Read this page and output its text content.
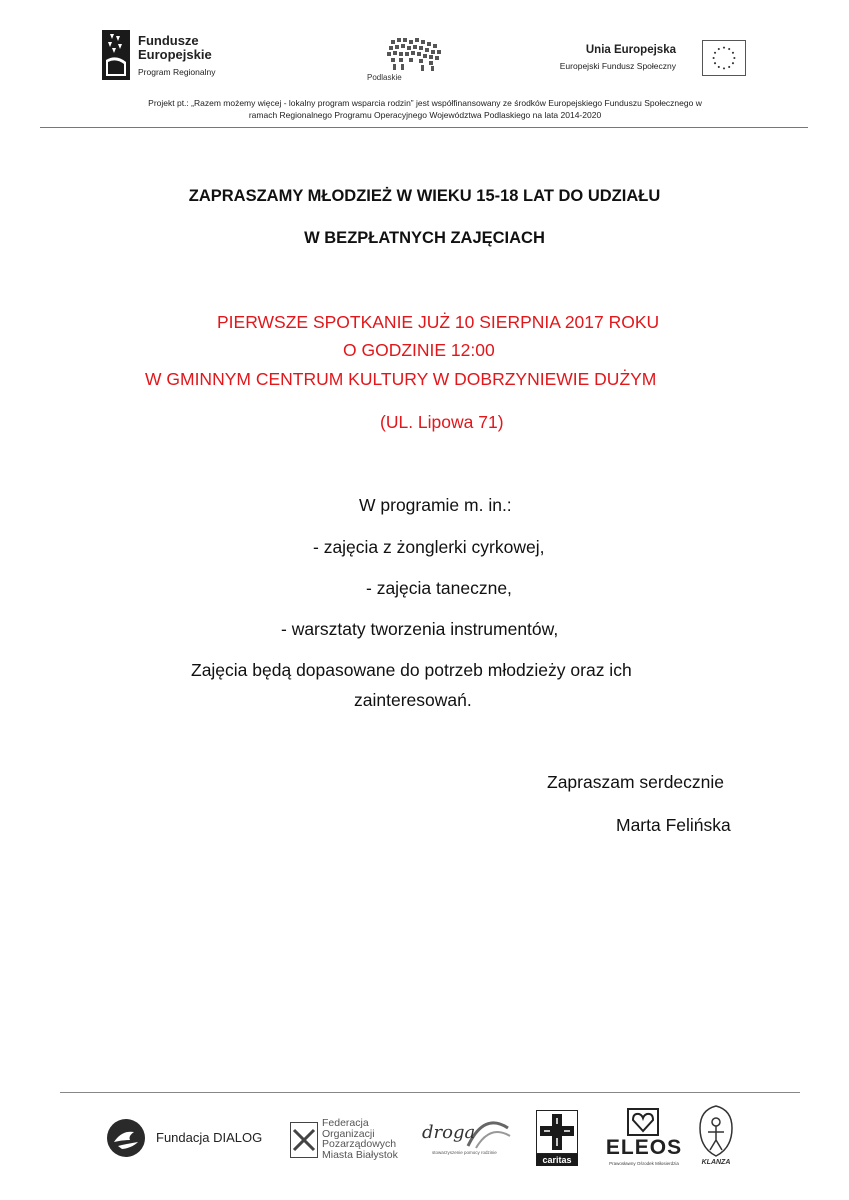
Fundusze
Europejskie
Program Regionalny
Podlaskie
Unia Europejska
Europejski Fundusz Społeczny
Projekt pt.: „Razem możemy więcej - lokalny program wsparcia rodzin” jest współfinansowany ze środków Europejskiego Funduszu Społecznego w
ramach Regionalnego Programu Operacyjnego Województwa Podlaskiego na lata 2014-2020
ZAPRASZAMY MŁODZIEŻ W WIEKU 15-18 LAT DO UDZIAŁU
W BEZPŁATNYCH ZAJĘCIACH
PIERWSZE SPOTKANIE JUŻ 10 SIERPNIA 2017 ROKU
O GODZINIE 12:00
W GMINNYM CENTRUM KULTURY W DOBRZYNIEWIE DUŻYM
(UL. Lipowa 71)
W programie m. in.:
- zajęcia z żonglerki cyrkowej,
- zajęcia taneczne,
- warsztaty tworzenia instrumentów,
Zajęcia będą dopasowane do potrzeb młodzieży oraz ich
zainteresowań.
Zapraszam serdecznie
Marta Felińska
Fundacja DIALOG
Federacja
Organizacji
Pozarządowych
Miasta Białystok
droga
stowarzyszenie pomocy rodzinie
caritas
ELEOS
Prawosławny Ośrodek Miłosierdzia	KLANZA
